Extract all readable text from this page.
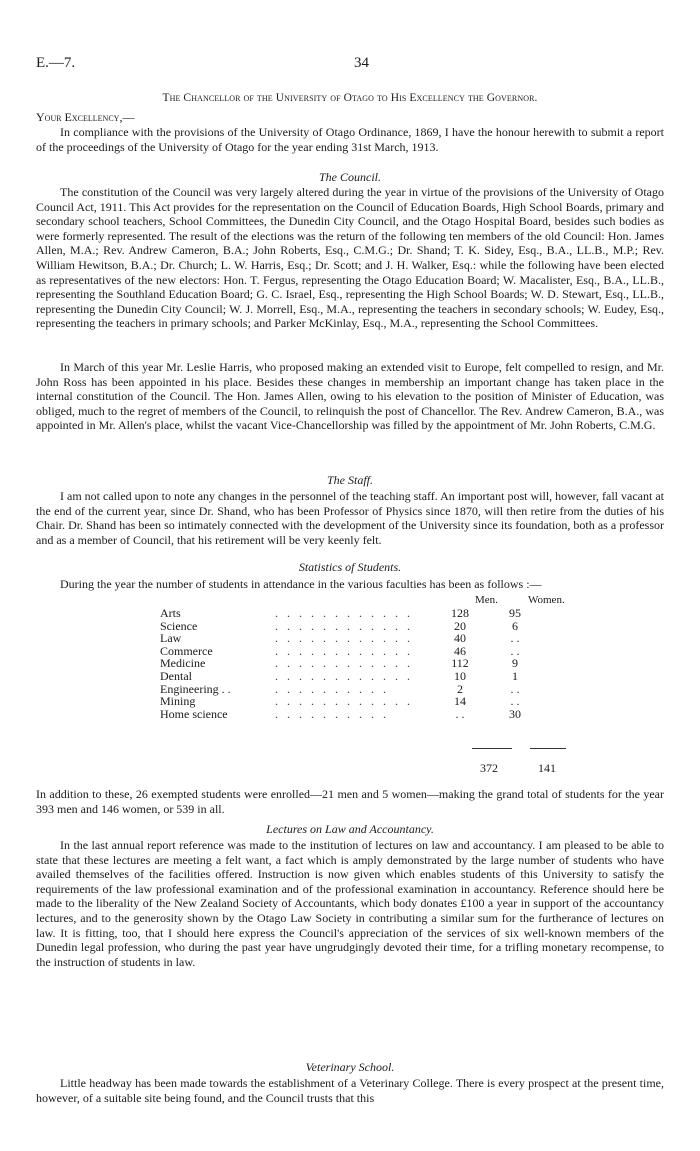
E.—7.	34
The Chancellor of the University of Otago to His Excellency the Governor.
Your Excellency,—

In compliance with the provisions of the University of Otago Ordinance, 1869, I have the honour herewith to submit a report of the proceedings of the University of Otago for the year ending 31st March, 1913.

The Council.

The constitution of the Council was very largely altered during the year in virtue of the provisions of the University of Otago Council Act, 1911. This Act provides for the representation on the Council of Education Boards, High School Boards, primary and secondary school teachers, School Committees, the Dunedin City Council, and the Otago Hospital Board, besides such bodies as were formerly represented. The result of the elections was the return of the following ten members of the old Council: Hon. James Allen, M.A.; Rev. Andrew Cameron, B.A.; John Roberts, Esq., C.M.G.; Dr. Shand; T. K. Sidey, Esq., B.A., LL.B., M.P.; Rev. William Hewitson, B.A.; Dr. Church; L. W. Harris, Esq.; Dr. Scott; and J. H. Walker, Esq.: while the following have been elected as representatives of the new electors: Hon. T. Fergus, representing the Otago Education Board; W. Macalister, Esq., B.A., LL.B., representing the Southland Education Board; G. C. Israel, Esq., representing the High School Boards; W. D. Stewart, Esq., LL.B., representing the Dunedin City Council; W. J. Morrell, Esq., M.A., representing the teachers in secondary schools; W. Eudey, Esq., representing the teachers in primary schools; and Parker McKinlay, Esq., M.A., representing the School Committees.

In March of this year Mr. Leslie Harris, who proposed making an extended visit to Europe, felt compelled to resign, and Mr. John Ross has been appointed in his place. Besides these changes in membership an important change has taken place in the internal constitution of the Council. The Hon. James Allen, owing to his elevation to the position of Minister of Education, was obliged, much to the regret of members of the Council, to relinquish the post of Chancellor. The Rev. Andrew Cameron, B.A., was appointed in Mr. Allen's place, whilst the vacant Vice-Chancellorship was filled by the appointment of Mr. John Roberts, C.M.G.

The Staff.

I am not called upon to note any changes in the personnel of the teaching staff. An important post will, however, fall vacant at the end of the current year, since Dr. Shand, who has been Professor of Physics since 1870, will then retire from the duties of his Chair. Dr. Shand has been so intimately connected with the development of the University since its foundation, both as a professor and as a member of Council, that his retirement will be very keenly felt.

Statistics of Students.

During the year the number of students in attendance in the various faculties has been as follows :—

Men.	Women.
Arts	. . . . . . . . . . . .	128	95
Science	. . . . . . . . . . . .	20	6
Law	. . . . . . . . . . . .	40	. .
Commerce	. . . . . . . . . . . .	46	. .
Medicine	. . . . . . . . . . . .	112	9
Dental	. . . . . . . . . . . .	10	1
Engineering . .	. . . . . . . . . .	2	. .
Mining	. . . . . . . . . . . .	14	. .
Home science	. . . . . . . . . .	. .	30
372	141

In addition to these, 26 exempted students were enrolled—21 men and 5 women—making the grand total of students for the year 393 men and 146 women, or 539 in all.

Lectures on Law and Accountancy.

In the last annual report reference was made to the institution of lectures on law and accountancy. I am pleased to be able to state that these lectures are meeting a felt want, a fact which is amply demonstrated by the large number of students who have availed themselves of the facilities offered. Instruction is now given which enables students of this University to satisfy the requirements of the law professional examination and of the professional examination in accountancy. Reference should here be made to the liberality of the New Zealand Society of Accountants, which body donates £100 a year in support of the accountancy lectures, and to the generosity shown by the Otago Law Society in contributing a similar sum for the furtherance of lectures on law. It is fitting, too, that I should here express the Council's appreciation of the services of six well-known members of the Dunedin legal profession, who during the past year have ungrudgingly devoted their time, for a trifling monetary recompense, to the instruction of students in law.

Veterinary School.

Little headway has been made towards the establishment of a Veterinary College. There is every prospect at the present time, however, of a suitable site being found, and the Council trusts that this
